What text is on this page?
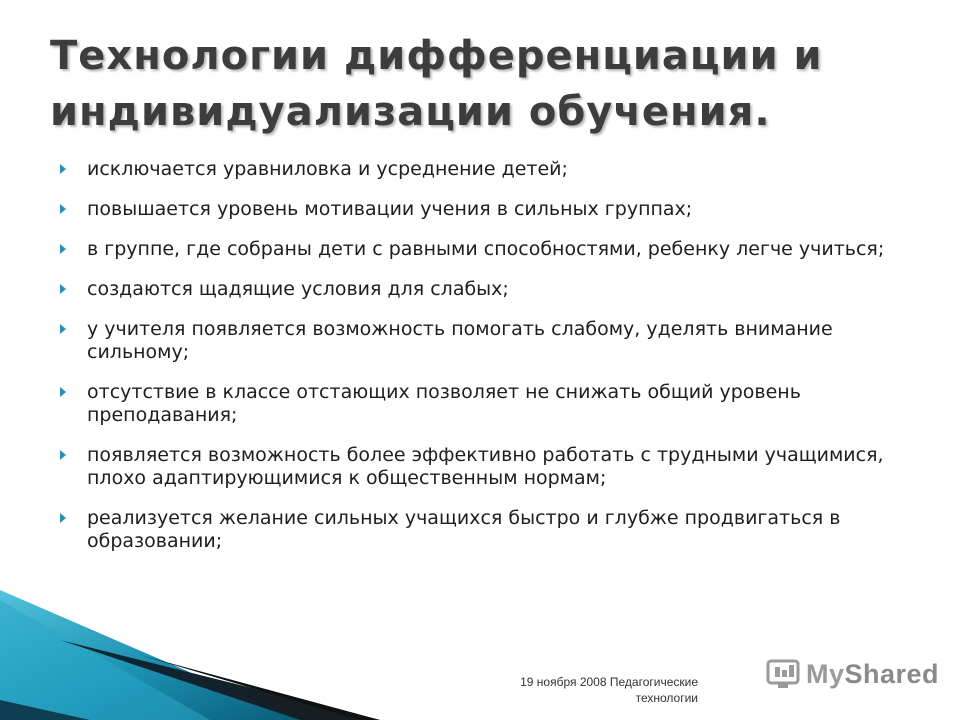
Технологии дифференциации и индивидуализации обучения.
исключается уравниловка и усреднение детей;
повышается уровень мотивации учения в сильных группах;
в группе, где собраны дети с равными способностями, ребенку легче учиться;
создаются щадящие условия для слабых;
у учителя появляется возможность помогать слабому, уделять внимание сильному;
отсутствие в классе отстающих позволяет не снижать общий уровень преподавания;
появляется возможность более эффективно работать с трудными учащимися, плохо адаптирующимися к общественным нормам;
реализуется желание сильных учащихся быстро и глубже продвигаться в образовании;
19 ноября 2008 Педагогические
технологии
MyShared
